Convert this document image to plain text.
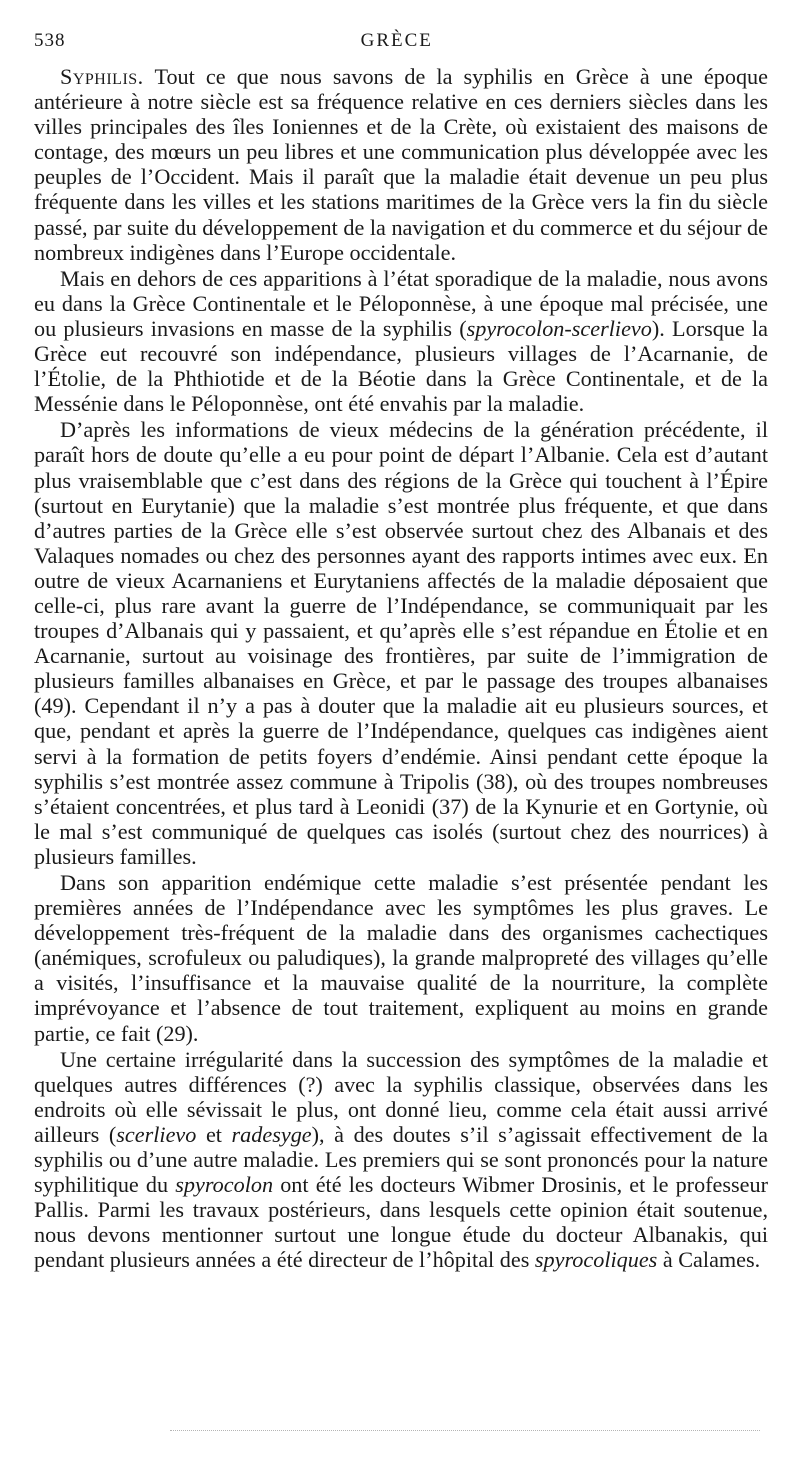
538	GRÈCE

Syphilis. Tout ce que nous savons de la syphilis en Grèce à une époque antérieure à notre siècle est sa fréquence relative en ces derniers siècles dans les villes principales des îles Ioniennes et de la Crète, où existaient des maisons de contage, des mœurs un peu libres et une communication plus développée avec les peuples de l’Occident. Mais il paraît que la maladie était devenue un peu plus fréquente dans les villes et les stations maritimes de la Grèce vers la fin du siècle passé, par suite du développement de la navigation et du commerce et du séjour de nombreux indigènes dans l’Europe occidentale.

Mais en dehors de ces apparitions à l’état sporadique de la maladie, nous avons eu dans la Grèce Continentale et le Péloponnèse, à une époque mal précisée, une ou plusieurs invasions en masse de la syphilis (spyrocolon-scerlievo). Lorsque la Grèce eut recouvré son indépendance, plusieurs villages de l’Acarnanie, de l’Étolie, de la Phthiotide et de la Béotie dans la Grèce Continentale, et de la Messénie dans le Péloponnèse, ont été envahis par la maladie.

D’après les informations de vieux médecins de la génération précédente, il paraît hors de doute qu’elle a eu pour point de départ l’Albanie. Cela est d’autant plus vraisemblable que c’est dans des régions de la Grèce qui touchent à l’Épire (surtout en Eurytanie) que la maladie s’est montrée plus fréquente, et que dans d’autres parties de la Grèce elle s’est observée surtout chez des Albanais et des Valaques nomades ou chez des personnes ayant des rapports intimes avec eux. En outre de vieux Acarnaniens et Eurytaniens affectés de la maladie déposaient que celle-ci, plus rare avant la guerre de l’Indépendance, se communiquait par les troupes d’Albanais qui y passaient, et qu’après elle s’est répandue en Étolie et en Acarnanie, surtout au voisinage des frontières, par suite de l’immigration de plusieurs familles albanaises en Grèce, et par le passage des troupes albanaises (49). Cependant il n’y a pas à douter que la maladie ait eu plusieurs sources, et que, pendant et après la guerre de l’Indépendance, quelques cas indigènes aient servi à la formation de petits foyers d’endémie. Ainsi pendant cette époque la syphilis s’est montrée assez commune à Tripolis (38), où des troupes nombreuses s’étaient concentrées, et plus tard à Leonidi (37) de la Kynurie et en Gortynie, où le mal s’est communiqué de quelques cas isolés (surtout chez des nourrices) à plusieurs familles.

Dans son apparition endémique cette maladie s’est présentée pendant les premières années de l’Indépendance avec les symptômes les plus graves. Le développement très-fréquent de la maladie dans des organismes cachectiques (anémiques, scrofuleux ou paludiques), la grande malpropreté des villages qu’elle a visités, l’insuffisance et la mauvaise qualité de la nourriture, la complète imprévoyance et l’absence de tout traitement, expliquent au moins en grande partie, ce fait (29).

Une certaine irrégularité dans la succession des symptômes de la maladie et quelques autres différences (?) avec la syphilis classique, observées dans les endroits où elle sévissait le plus, ont donné lieu, comme cela était aussi arrivé ailleurs (scerlievo et radesyge), à des doutes s’il s’agissait effectivement de la syphilis ou d’une autre maladie. Les premiers qui se sont prononcés pour la nature syphilitique du spyrocolon ont été les docteurs Wibmer Drosinis, et le professeur Pallis. Parmi les travaux postérieurs, dans lesquels cette opinion était soutenue, nous devons mentionner surtout une longue étude du docteur Albanakis, qui pendant plusieurs années a été directeur de l’hôpital des spyrocoliques à Calames.
